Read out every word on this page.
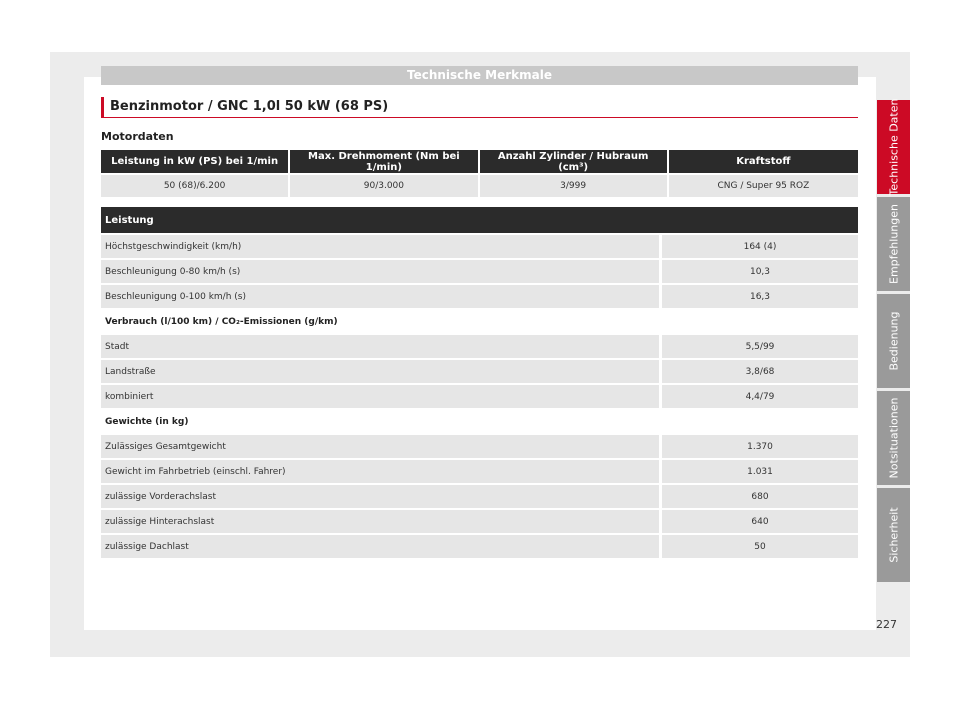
Technische Merkmale
Benzinmotor / GNC 1,0l 50 kW (68 PS)
Motordaten
Leistung in kW (PS) bei 1/min	Max. Drehmoment (Nm bei 1/min)	Anzahl Zylinder / Hubraum (cm³)	Kraftstoff
50 (68)/6.200	90/3.000	3/999	CNG / Super 95 ROZ
Leistung	
Höchstgeschwindigkeit (km/h)	164 (4)
Beschleunigung 0-80 km/h (s)	10,3
Beschleunigung 0-100 km/h (s)	16,3
Verbrauch (l/100 km) / CO₂-Emissionen (g/km)	
Stadt	5,5/99
Landstraße	3,8/68
kombiniert	4,4/79
Gewichte (in kg)	
Zulässiges Gesamtgewicht	1.370
Gewicht im Fahrbetrieb (einschl. Fahrer)	1.031
zulässige Vorderachslast	680
zulässige Hinterachslast	640
zulässige Dachlast	50
Technische Daten
Empfehlungen
Bedienung
Notsituationen
Sicherheit
227
